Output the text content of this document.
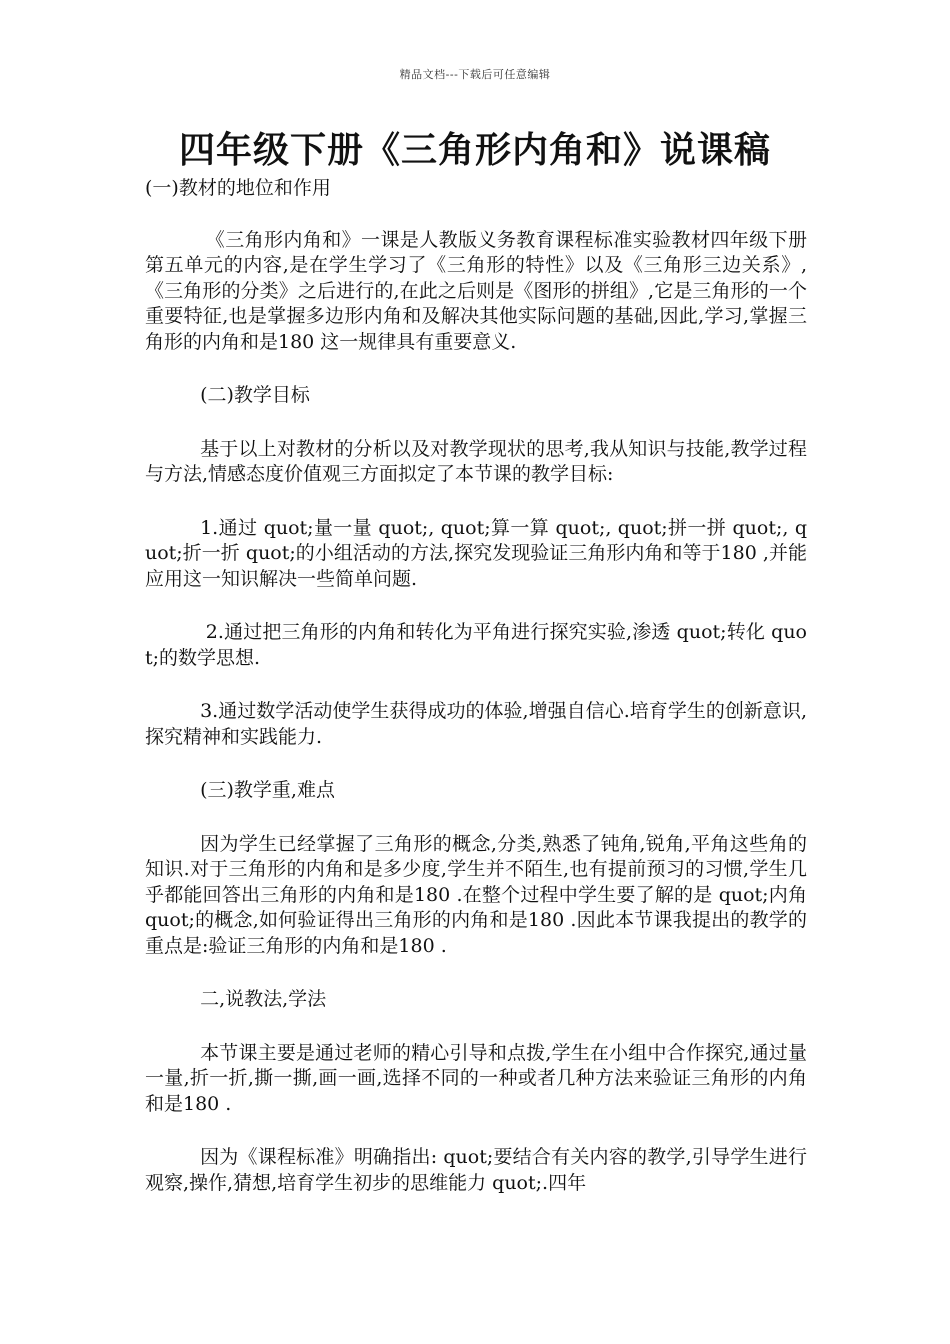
精品文档---下载后可任意编辑
四年级下册《三角形内角和》说课稿

(一)教材的地位和作用

《三角形内角和》一课是人教版义务教育课程标准实验教材四年级下册第五单元的内容,是在学生学习了《三角形的特性》以及《三角形三边关系》,《三角形的分类》之后进行的,在此之后则是《图形的拼组》,它是三角形的一个重要特征,也是掌握多边形内角和及解决其他实际问题的基础,因此,学习,掌握三角形的内角和是180 这一规律具有重要意义.

(二)教学目标

基于以上对教材的分析以及对教学现状的思考,我从知识与技能,教学过程与方法,情感态度价值观三方面拟定了本节课的教学目标:

1.通过 quot;量一量 quot;, quot;算一算 quot;, quot;拼一拼 quot;, quot;折一折 quot;的小组活动的方法,探究发现验证三角形内角和等于180 ,并能应用这一知识解决一些简单问题.

2.通过把三角形的内角和转化为平角进行探究实验,渗透 quot;转化 quot;的数学思想.

3.通过数学活动使学生获得成功的体验,增强自信心.培育学生的创新意识,探究精神和实践能力.

(三)教学重,难点

因为学生已经掌握了三角形的概念,分类,熟悉了钝角,锐角,平角这些角的知识.对于三角形的内角和是多少度,学生并不陌生,也有提前预习的习惯,学生几乎都能回答出三角形的内角和是180 .在整个过程中学生要了解的是 quot;内角 quot;的概念,如何验证得出三角形的内角和是180 .因此本节课我提出的教学的重点是:验证三角形的内角和是180 .

二,说教法,学法

本节课主要是通过老师的精心引导和点拨,学生在小组中合作探究,通过量一量,折一折,撕一撕,画一画,选择不同的一种或者几种方法来验证三角形的内角和是180 .

因为《课程标准》明确指出: quot;要结合有关内容的教学,引导学生进行观察,操作,猜想,培育学生初步的思维能力 quot;.四年
